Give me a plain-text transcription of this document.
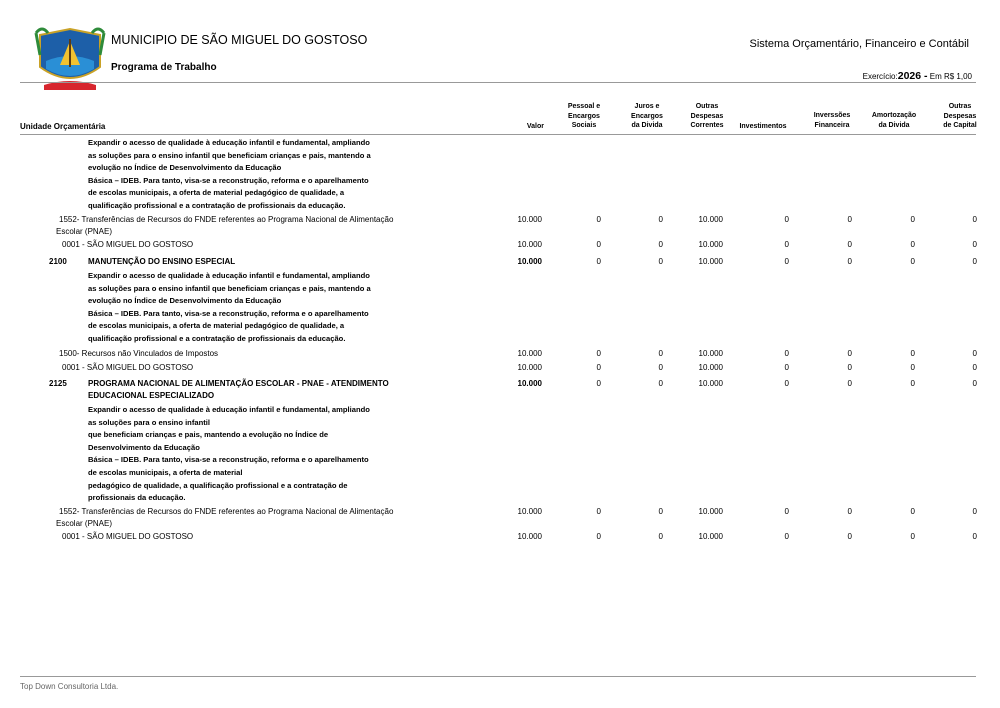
MUNICIPIO DE SÃO MIGUEL DO GOSTOSO
Programa de Trabalho
Sistema Orçamentário, Financeiro e Contábil
Exercício:2026 - Em R$ 1,00
Unidade Orçamentária	Valor
Pessoal e
Encargos
Sociais
Juros e
Encargos
da Divida
Outras
Despesas
Correntes	Investimentos
Inverssões
Financeira
Amortozação
da Divida
Outras
Despesas
de Capital
Expandir o acesso de qualidade à educação infantil e fundamental, ampliando
as soluções para o ensino infantil que beneficiam crianças e pais, mantendo a
evolução no Índice de Desenvolvimento da Educação
Básica – IDEB. Para tanto, visa-se a reconstrução, reforma e o aparelhamento
de escolas municipais, a oferta de material pedagógico de qualidade, a
qualificação profissional e a contratação de profissionais da educação.
1552- Transferências de Recursos do FNDE referentes ao Programa Nacional de Alimentação
Escolar (PNAE)
10.000	0	0	10.000	0	0	0	0
0001 - SÃO MIGUEL DO GOSTOSO	10.000	0	0	10.000	0	0	0	0
2100	MANUTENÇÃO DO ENSINO ESPECIAL	10.000	0	0	10.000	0	0	0	0
Expandir o acesso de qualidade à educação infantil e fundamental, ampliando
as soluções para o ensino infantil que beneficiam crianças e pais, mantendo a
evolução no Índice de Desenvolvimento da Educação
Básica – IDEB. Para tanto, visa-se a reconstrução, reforma e o aparelhamento
de escolas municipais, a oferta de material pedagógico de qualidade, a
qualificação profissional e a contratação de profissionais da educação.
1500- Recursos não Vinculados de Impostos	10.000	0	0	10.000	0	0	0	0
0001 - SÃO MIGUEL DO GOSTOSO	10.000	0	0	10.000	0	0	0	0
2125	PROGRAMA NACIONAL DE ALIMENTAÇÃO ESCOLAR - PNAE - ATENDIMENTO
EDUCACIONAL ESPECIALIZADO
10.000	0	0	10.000	0	0	0	0
Expandir o acesso de qualidade à educação infantil e fundamental, ampliando
as soluções para o ensino infantil
que beneficiam crianças e pais, mantendo a evolução no Índice de
Desenvolvimento da Educação
Básica – IDEB. Para tanto, visa-se a reconstrução, reforma e o aparelhamento
de escolas municipais, a oferta de material
pedagógico de qualidade, a qualificação profissional e a contratação de
profissionais da educação.
1552- Transferências de Recursos do FNDE referentes ao Programa Nacional de Alimentação
Escolar (PNAE)
10.000	0	0	10.000	0	0	0	0
0001 - SÃO MIGUEL DO GOSTOSO	10.000	0	0	10.000	0	0	0	0
Top Down Consultoria Ltda.
